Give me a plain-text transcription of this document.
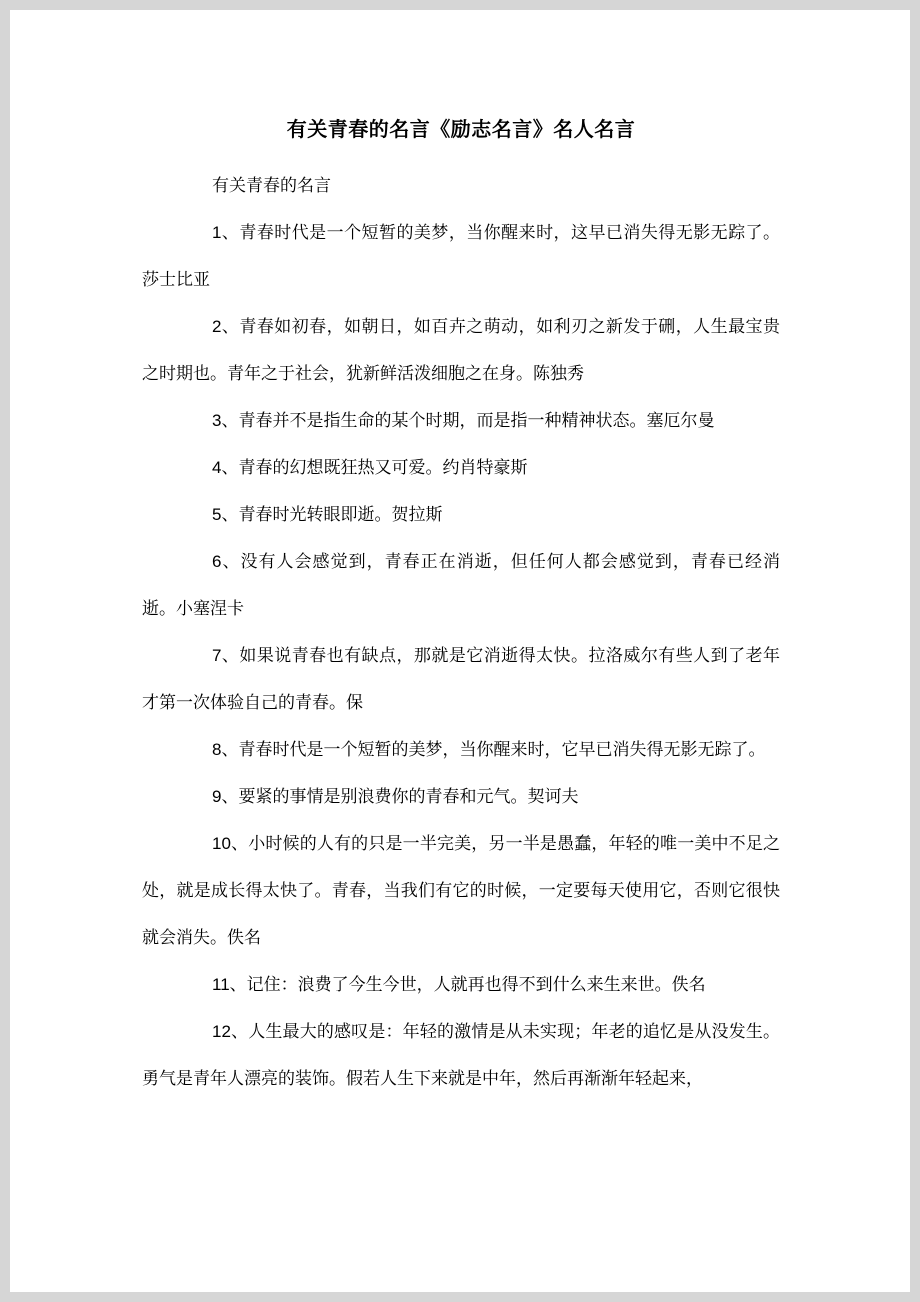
有关青春的名言《励志名言》名人名言

有关青春的名言

1、青春时代是一个短暂的美梦，当你醒来时，这早已消失得无影无踪了。莎士比亚

2、青春如初春，如朝日，如百卉之萌动，如利刃之新发于硎，人生最宝贵之时期也。青年之于社会，犹新鲜活泼细胞之在身。陈独秀

3、青春并不是指生命的某个时期，而是指一种精神状态。塞厄尔曼

4、青春的幻想既狂热又可爱。约肖特豪斯

5、青春时光转眼即逝。贺拉斯

6、没有人会感觉到，青春正在消逝，但任何人都会感觉到，青春已经消逝。小塞涅卡

7、如果说青春也有缺点，那就是它消逝得太快。拉洛威尔有些人到了老年才第一次体验自己的青春。保

8、青春时代是一个短暂的美梦，当你醒来时，它早已消失得无影无踪了。

9、要紧的事情是别浪费你的青春和元气。契诃夫

10、小时候的人有的只是一半完美，另一半是愚蠢，年轻的唯一美中不足之处，就是成长得太快了。青春，当我们有它的时候，一定要每天使用它，否则它很快就会消失。佚名

11、记住：浪费了今生今世，人就再也得不到什么来生来世。佚名

12、人生最大的感叹是：年轻的激情是从未实现；年老的追忆是从没发生。勇气是青年人漂亮的装饰。假若人生下来就是中年，然后再渐渐年轻起来，
